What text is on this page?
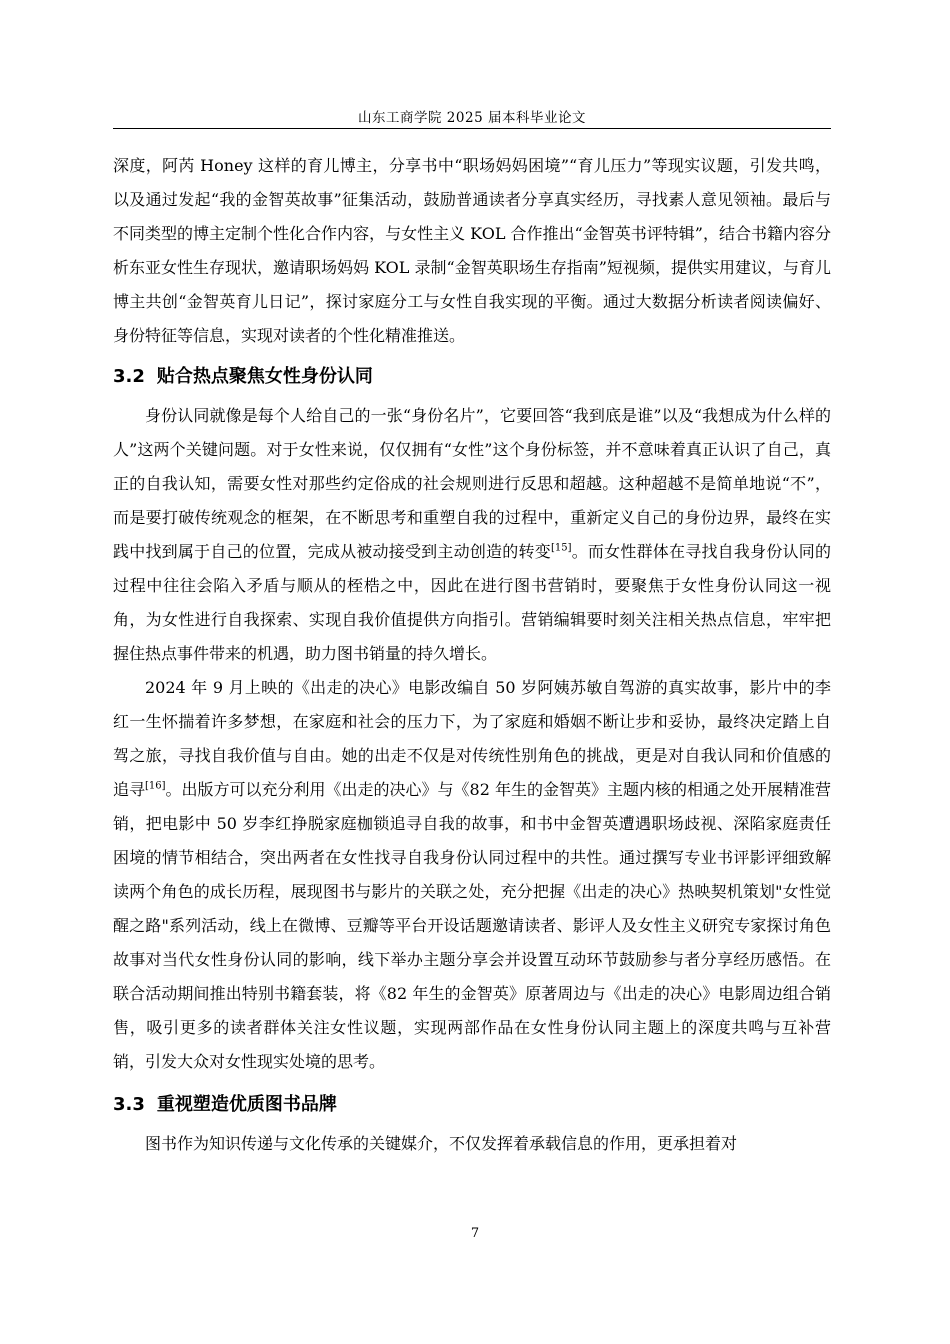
山东工商学院 2025 届本科毕业论文

深度，阿芮 Honey 这样的育儿博主，分享书中“职场妈妈困境”“育儿压力”等现实议题，引发共鸣，以及通过发起“我的金智英故事”征集活动，鼓励普通读者分享真实经历，寻找素人意见领袖。最后与不同类型的博主定制个性化合作内容，与女性主义 KOL 合作推出“金智英书评特辑”，结合书籍内容分析东亚女性生存现状，邀请职场妈妈 KOL 录制“金智英职场生存指南”短视频，提供实用建议，与育儿博主共创“金智英育儿日记”，探讨家庭分工与女性自我实现的平衡。通过大数据分析读者阅读偏好、身份特征等信息，实现对读者的个性化精准推送。

3.2 贴合热点聚焦女性身份认同

身份认同就像是每个人给自己的一张“身份名片”，它要回答“我到底是谁”以及“我想成为什么样的人”这两个关键问题。对于女性来说，仅仅拥有“女性”这个身份标签，并不意味着真正认识了自己，真正的自我认知，需要女性对那些约定俗成的社会规则进行反思和超越。这种超越不是简单地说“不”，而是要打破传统观念的框架，在不断思考和重塑自我的过程中，重新定义自己的身份边界，最终在实践中找到属于自己的位置，完成从被动接受到主动创造的转变[15]。而女性群体在寻找自我身份认同的过程中往往会陷入矛盾与顺从的桎梏之中，因此在进行图书营销时，要聚焦于女性身份认同这一视角，为女性进行自我探索、实现自我价值提供方向指引。营销编辑要时刻关注相关热点信息，牢牢把握住热点事件带来的机遇，助力图书销量的持久增长。

2024 年 9 月上映的《出走的决心》电影改编自 50 岁阿姨苏敏自驾游的真实故事，影片中的李红一生怀揣着许多梦想，在家庭和社会的压力下，为了家庭和婚姻不断让步和妥协，最终决定踏上自驾之旅，寻找自我价值与自由。她的出走不仅是对传统性别角色的挑战，更是对自我认同和价值感的追寻[16]。出版方可以充分利用《出走的决心》与《82 年生的金智英》主题内核的相通之处开展精准营销，把电影中 50 岁李红挣脱家庭枷锁追寻自我的故事，和书中金智英遭遇职场歧视、深陷家庭责任困境的情节相结合，突出两者在女性找寻自我身份认同过程中的共性。通过撰写专业书评影评细致解读两个角色的成长历程，展现图书与影片的关联之处，充分把握《出走的决心》热映契机策划"女性觉醒之路"系列活动，线上在微博、豆瓣等平台开设话题邀请读者、影评人及女性主义研究专家探讨角色故事对当代女性身份认同的影响，线下举办主题分享会并设置互动环节鼓励参与者分享经历感悟。在联合活动期间推出特别书籍套装，将《82 年生的金智英》原著周边与《出走的决心》电影周边组合销售，吸引更多的读者群体关注女性议题，实现两部作品在女性身份认同主题上的深度共鸣与互补营销，引发大众对女性现实处境的思考。

3.3 重视塑造优质图书品牌

图书作为知识传递与文化传承的关键媒介，不仅发挥着承载信息的作用，更承担着对

7
